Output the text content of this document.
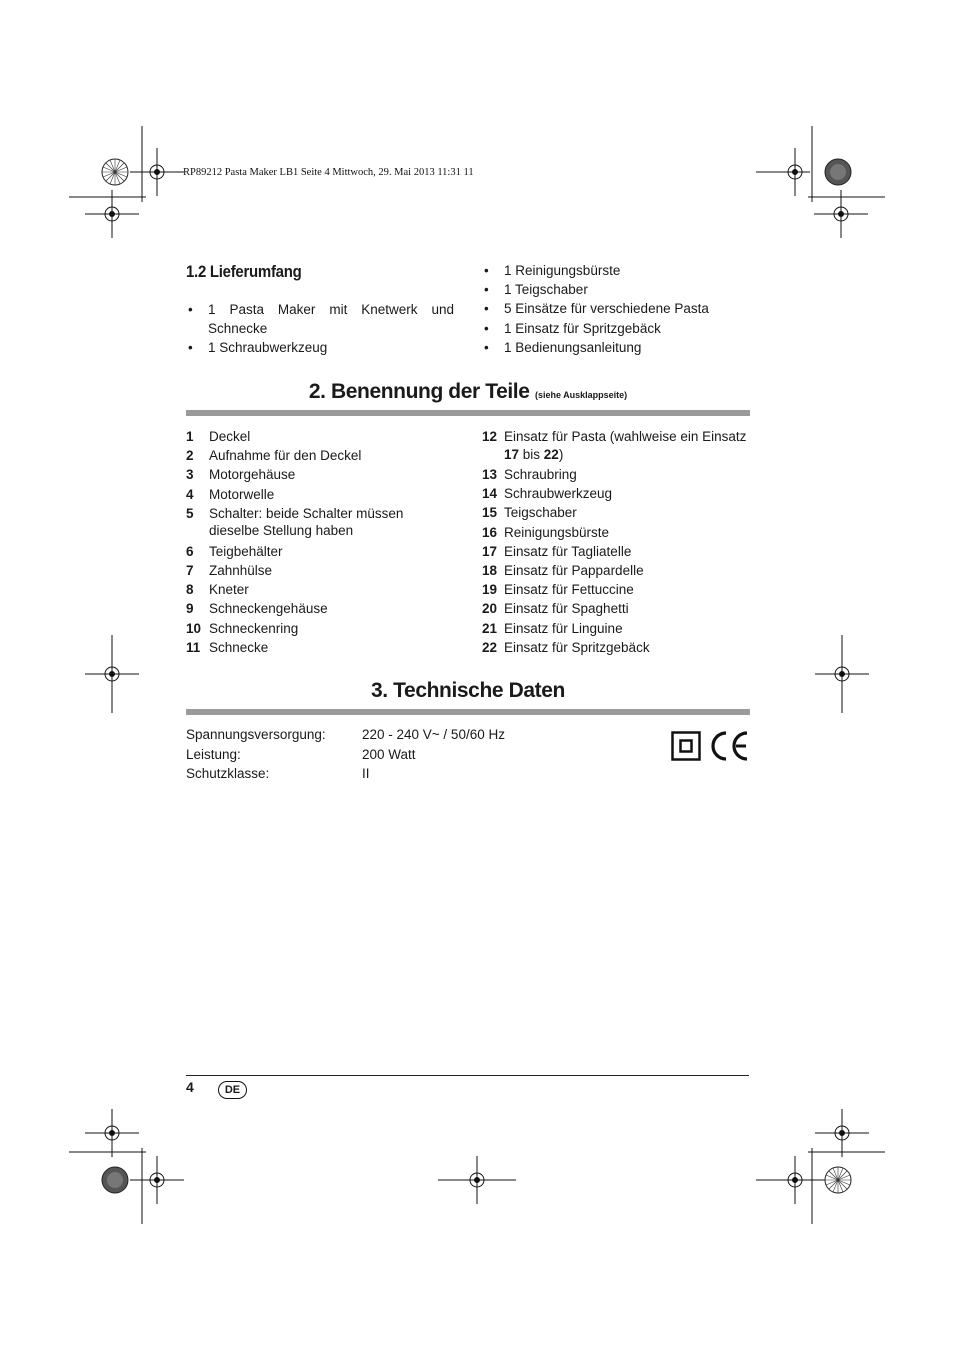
RP89212 Pasta Maker LB1 Seite 4 Mittwoch, 29. Mai 2013 11:31 11
1.2 Lieferumfang
• 1 Pasta Maker mit Knetwerk und Schnecke
• 1 Schraubwerkzeug
• 1 Reinigungsbürste
• 1 Teigschaber
• 5 Einsätze für verschiedene Pasta
• 1 Einsatz für Spritzgebäck
• 1 Bedienungsanleitung
2. Benennung der Teile (siehe Ausklappseite)
1	Deckel
2	Aufnahme für den Deckel
3	Motorgehäuse
4	Motorwelle
5	Schalter: beide Schalter müssen dieselbe Stellung haben
6	Teigbehälter
7	Zahnhülse
8	Kneter
9	Schneckengehäuse
10 Schneckenring
11 Schnecke
12 Einsatz für Pasta (wahlweise ein Einsatz 17 bis 22)
13 Schraubring
14 Schraubwerkzeug
15 Teigschaber
16 Reinigungsbürste
17 Einsatz für Tagliatelle
18 Einsatz für Pappardelle
19 Einsatz für Fettuccine
20 Einsatz für Spaghetti
21 Einsatz für Linguine
22 Einsatz für Spritzgebäck
3. Technische Daten
Spannungsversorgung:	220 - 240 V~ / 50/60 Hz
Leistung:	200 Watt
Schutzklasse:	II
4	DE
